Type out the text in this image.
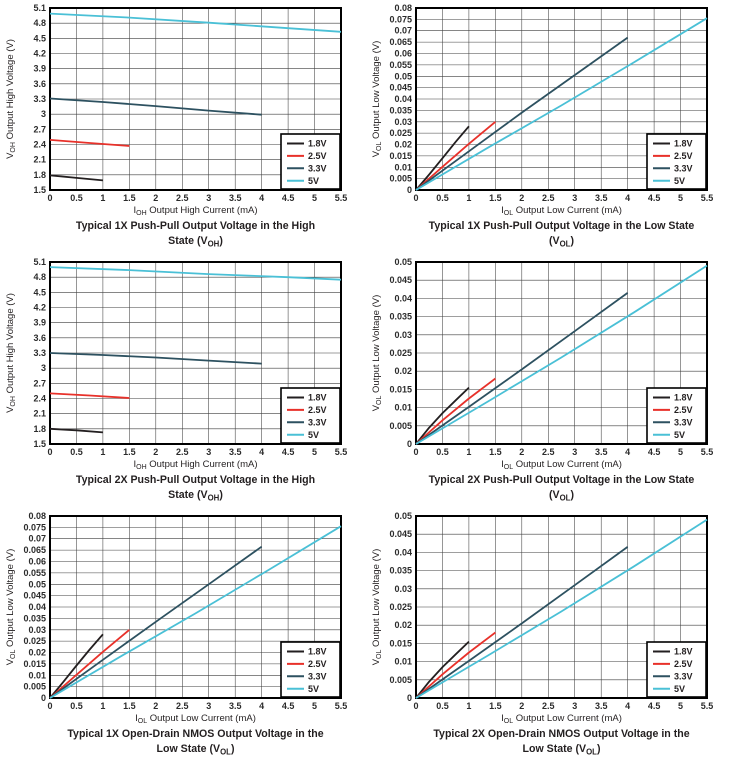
0 0.5 1 1.5 2 2.5 3 3.5 4 4.5 5 5.5
1.5
1.8
2.1
2.4
2.7
3
3.3
3.6
3.9
4.2
4.5
4.8
5.1
1.8V
2.5V
3.3V
5V
$I_{OH}$ Output High Current (mA)
$V_{OH}$ Output High Voltage (V)
Typical 1X Push-Pull Output Voltage in the High
State $(V_{OH})$
0 0.5 1 1.5 2 2.5 3 3.5 4 4.5 5 5.5
0
0.005
0.01
0.015
0.02
0.025
0.03
0.035
0.04
0.045
0.05
0.055
0.06
0.065
0.07
0.075
0.08
1.8V
2.5V
3.3V
5V
$I_{OL}$ Output Low Current (mA)
$V_{OL}$ Output Low Voltage (V)
Typical 1X Push-Pull Output Voltage in the Low State
$(V_{OL})$
0 0.5 1 1.5 2 2.5 3 3.5 4 4.5 5 5.5
1.5
1.8
2.1
2.4
2.7
3
3.3
3.6
3.9
4.2
4.5
4.8
5.1
1.8V
2.5V
3.3V
5V
$I_{OH}$ Output High Current (mA)
$V_{OH}$ Output High Voltage (V)
Typical 2X Push-Pull Output Voltage in the High
State $(V_{OH})$
0 0.5 1 1.5 2 2.5 3 3.5 4 4.5 5 5.5
0
0.005
0.01
0.015
0.02
0.025
0.03
0.035
0.04
0.045
0.05
1.8V
2.5V
3.3V
5V
$I_{OL}$ Output Low Current (mA)
$V_{OL}$ Output Low Voltage (V)
Typical 2X Push-Pull Output Voltage in the Low State
$(V_{OL})$
0 0.5 1 1.5 2 2.5 3 3.5 4 4.5 5 5.5
0
0.005
0.01
0.015
0.02
0.025
0.03
0.035
0.04
0.045
0.05
0.055
0.06
0.065
0.07
0.075
0.08
1.8V
2.5V
3.3V
5V
$I_{OL}$ Output Low Current (mA)
$V_{OL}$ Output Low Voltage (V)
Typical 1X Open-Drain NMOS Output Voltage in the
Low State $(V_{OL})$
0 0.5 1 1.5 2 2.5 3 3.5 4 4.5 5 5.5
0
0.005
0.01
0.015
0.02
0.025
0.03
0.035
0.04
0.045
0.05
1.8V
2.5V
3.3V
5V
$I_{OL}$ Output Low Current (mA)
$V_{OL}$ Output Low Voltage (V)
Typical 2X Open-Drain NMOS Output Voltage in the
Low State $(V_{OL})$
